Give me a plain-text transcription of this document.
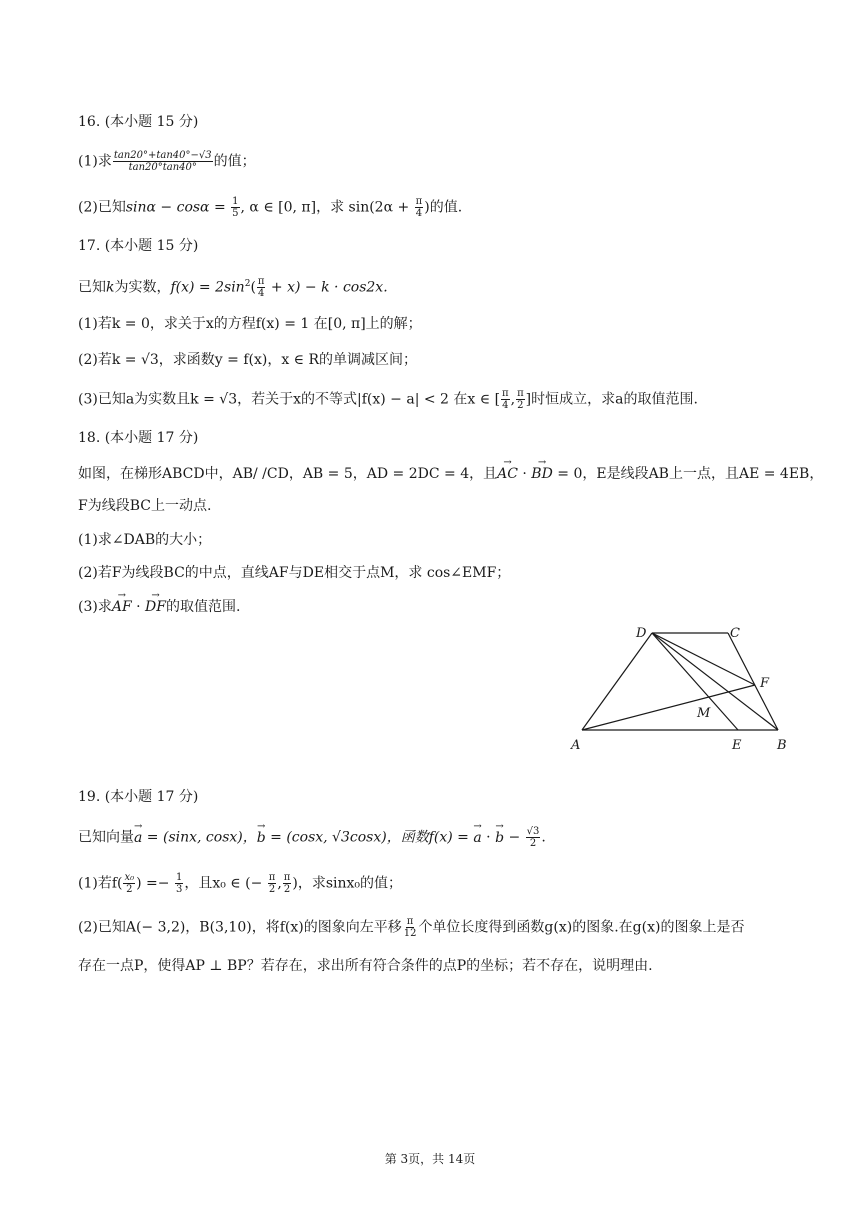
16. (本小题 15 分)
(1)求 $\frac{\tan 20^\circ+\tan 40^\circ-√3}{\tan 20^\circ\tan 40^\circ}$ 的值；
(2)已知$\sin\alpha - \cos\alpha = \frac{1}{5}$ , α ∈ [0, π]，求 $\sin(2\alpha + \frac{\pi}{4}$ )的值.
17. (本小题 15 分)
已知k为实数，$f(x) = 2\sin^2( \frac{\pi}{4} + x) - k \cdot \cos 2x$.
(1)若k = 0，求关于x的方程f(x) = 1 在[0, π]上的解；
(2)若k = √3，求函数y = f(x)，x ∈ R的单调减区间；
(3)已知a为实数且k = √3，若关于x的不等式|f(x) − a| < 2 在x ∈ [ $\frac{\pi}{4}$ , $\frac{\pi}{2}$ ]时恒成立，求a的取值范围.
18. (本小题 17 分)
如图，在梯形ABCD中，AB/ /CD，AB = 5，AD = 2DC = 4，且→ AC · → BD = 0，E是线段AB上一点，且AE = 4EB，
F为线段BC上一动点.
(1)求∠DAB的大小；
(2)若F为线段BC的中点，直线AF与DE相交于点M，求 cos∠EMF；
(3)求→ AF · → DF的取值范围.
A	B
C
D
E
F
M
19. (本小题 17 分)
已知向量→ a = (sinx, cosx)，→ b = (cosx, √3cosx)，函数f(x) = → a · → $b - \frac{√3}{2}$ .
(1)若$f( \frac{\text{x₀}}{2}$ ) =− $\frac{1}{3}$ ，且x₀ ∈ (− $\frac{\pi}{2}$ , $\frac{\pi}{2}$ )，求sinx₀的值；
(2)已知A(− 3,2)，B(3,10)，将f(x)的图象向左平移 $\frac{\pi}{12}$ 个单位长度得到函数g(x)的图象.在g(x)的图象上是否
存在一点P，使得AP ⊥ BP？若存在，求出所有符合条件的点P的坐标；若不存在，说明理由.
第 3页，共 14页
